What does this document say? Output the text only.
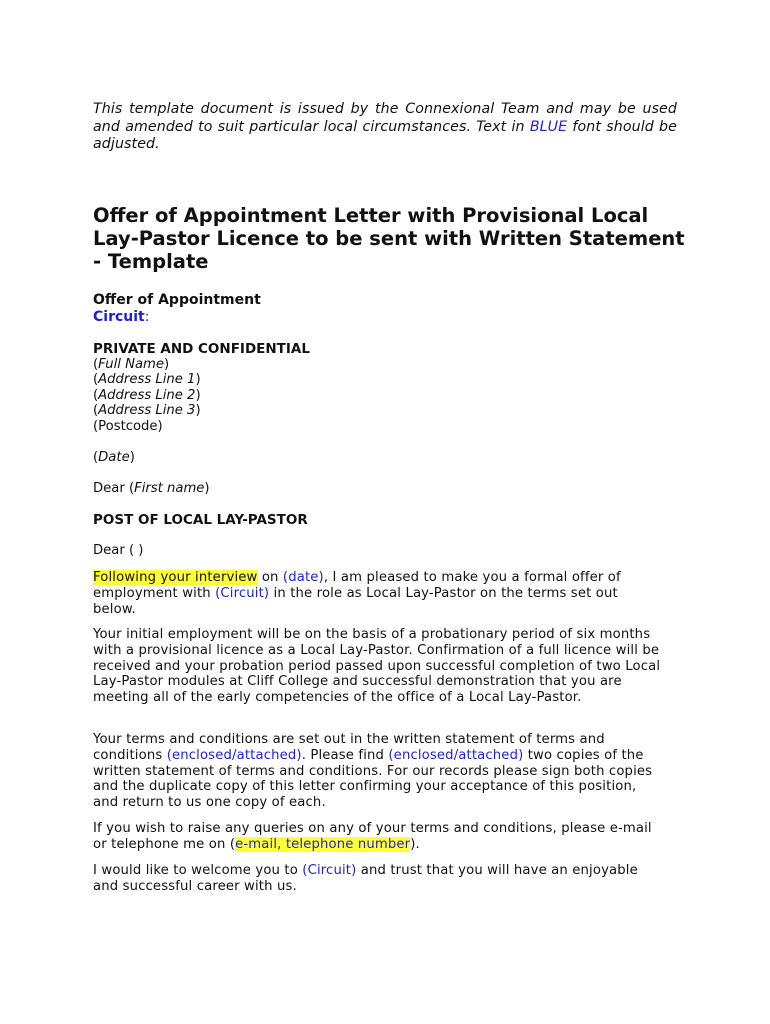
This template document is issued by the Connexional Team and may be used and amended to suit particular local circumstances. Text in BLUE font should be adjusted.
Offer of Appointment Letter with Provisional Local Lay-Pastor Licence to be sent with Written Statement - Template
Offer of Appointment
Circuit:
PRIVATE AND CONFIDENTIAL
(Full Name)
(Address Line 1)
(Address Line 2)
(Address Line 3)
(Postcode)
(Date)
Dear (First name)
POST OF LOCAL LAY-PASTOR
Dear ( )
Following your interview on (date), I am pleased to make you a formal offer of employment with (Circuit) in the role as Local Lay-Pastor on the terms set out below.
Your initial employment will be on the basis of a probationary period of six months with a provisional licence as a Local Lay-Pastor. Confirmation of a full licence will be received and your probation period passed upon successful completion of two Local Lay-Pastor modules at Cliff College and successful demonstration that you are meeting all of the early competencies of the office of a Local Lay-Pastor.
Your terms and conditions are set out in the written statement of terms and conditions (enclosed/attached). Please find (enclosed/attached) two copies of the written statement of terms and conditions. For our records please sign both copies and the duplicate copy of this letter confirming your acceptance of this position, and return to us one copy of each.
If you wish to raise any queries on any of your terms and conditions, please e-mail or telephone me on (e-mail, telephone number).
I would like to welcome you to (Circuit) and trust that you will have an enjoyable and successful career with us.
